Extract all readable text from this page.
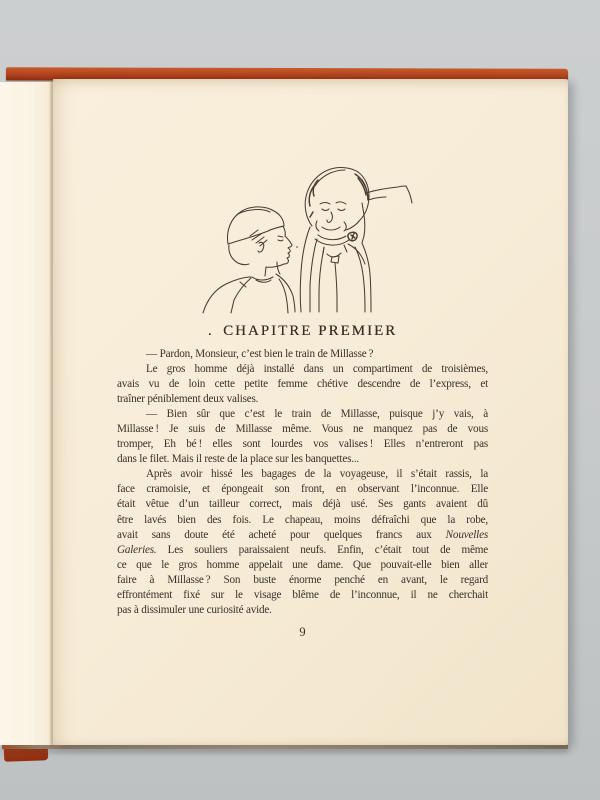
. CHAPITRE PREMIER
— Pardon, Monsieur, c’est bien le train de Millasse ?
Le gros homme déjà installé dans un compartiment de troisièmes,
avais vu de loin cette petite femme chétive descendre de l’express, et
traîner péniblement deux valises.
— Bien sûr que c’est le train de Millasse, puisque j’y vais, à
Millasse ! Je suis de Millasse même. Vous ne manquez pas de vous
tromper, Eh bé ! elles sont lourdes vos valises ! Elles n’entreront pas
dans le filet. Mais il reste de la place sur les banquettes...
Après avoir hissé les bagages de la voyageuse, il s’était rassis, la
face cramoisie, et épongeait son front, en observant l’inconnue. Elle
était vêtue d’un tailleur correct, mais déjà usé. Ses gants avaient dû
être lavés bien des fois. Le chapeau, moins défraîchi que la robe,
avait sans doute été acheté pour quelques francs aux Nouvelles
Galeries. Les souliers paraissaient neufs. Enfin, c’était tout de même
ce que le gros homme appelait une dame. Que pouvait-elle bien aller
faire à Millasse ? Son buste énorme penché en avant, le regard
effrontément fixé sur le visage blême de l’inconnue, il ne cherchait
pas à dissimuler une curiosité avide.
9
